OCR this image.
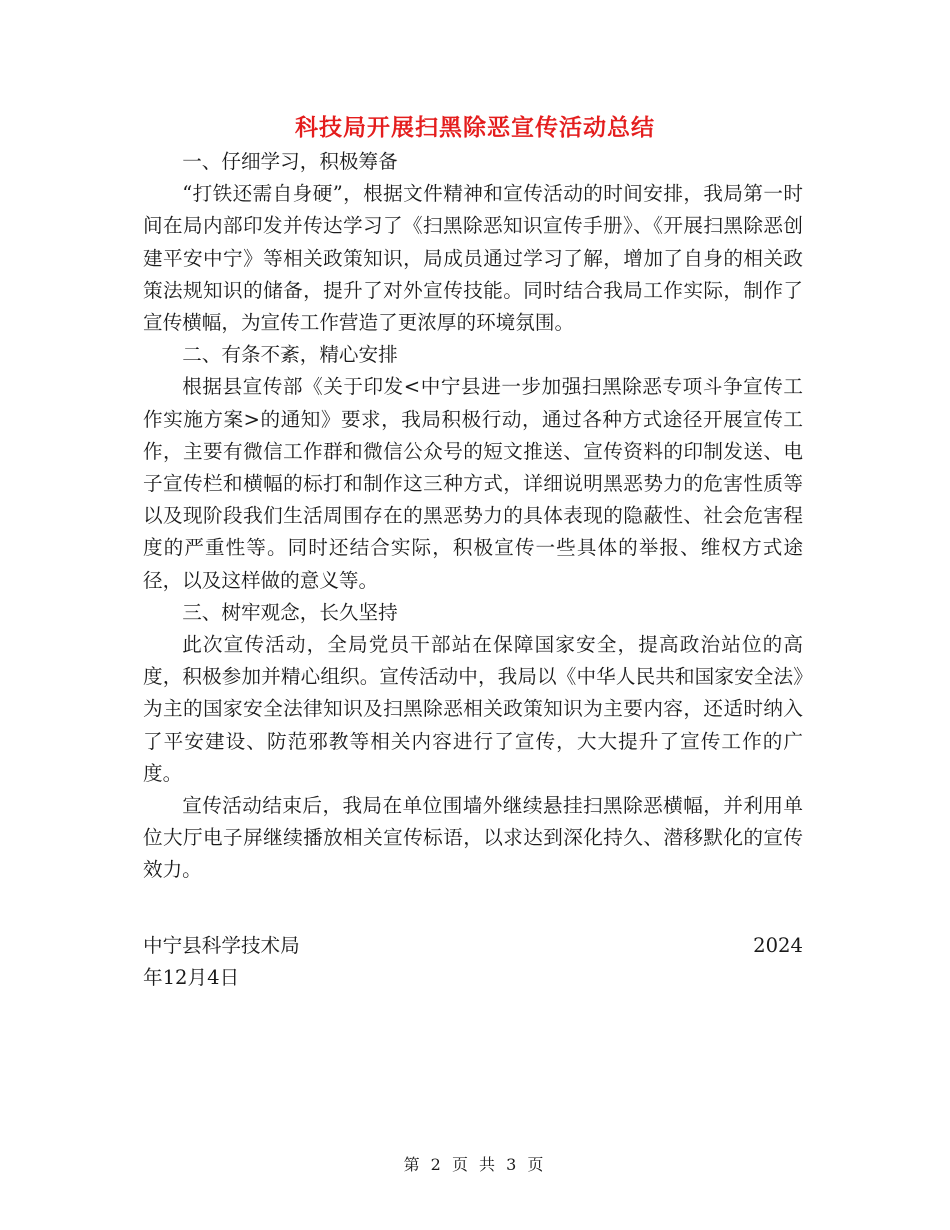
科技局开展扫黑除恶宣传活动总结

一、仔细学习，积极筹备

“打铁还需自身硬”，根据文件精神和宣传活动的时间安排，我局第一时间在局内部印发并传达学习了《扫黑除恶知识宣传手册》、《开展扫黑除恶创建平安中宁》等相关政策知识，局成员通过学习了解，增加了自身的相关政策法规知识的储备，提升了对外宣传技能。同时结合我局工作实际，制作了宣传横幅，为宣传工作营造了更浓厚的环境氛围。

二、有条不紊，精心安排

根据县宣传部《关于印发<中宁县进一步加强扫黑除恶专项斗争宣传工作实施方案>的通知》要求，我局积极行动，通过各种方式途径开展宣传工作，主要有微信工作群和微信公众号的短文推送、宣传资料的印制发送、电子宣传栏和横幅的标打和制作这三种方式，详细说明黑恶势力的危害性质等以及现阶段我们生活周围存在的黑恶势力的具体表现的隐蔽性、社会危害程度的严重性等。同时还结合实际，积极宣传一些具体的举报、维权方式途径，以及这样做的意义等。

三、树牢观念，长久坚持

此次宣传活动，全局党员干部站在保障国家安全，提高政治站位的高度，积极参加并精心组织。宣传活动中，我局以《中华人民共和国家安全法》为主的国家安全法律知识及扫黑除恶相关政策知识为主要内容，还适时纳入了平安建设、防范邪教等相关内容进行了宣传，大大提升了宣传工作的广度。

宣传活动结束后，我局在单位围墙外继续悬挂扫黑除恶横幅，并利用单位大厅电子屏继续播放相关宣传标语，以求达到深化持久、潜移默化的宣传效力。

中宁县科学技术局	2024
年12月4日
第 2 页 共 3 页
